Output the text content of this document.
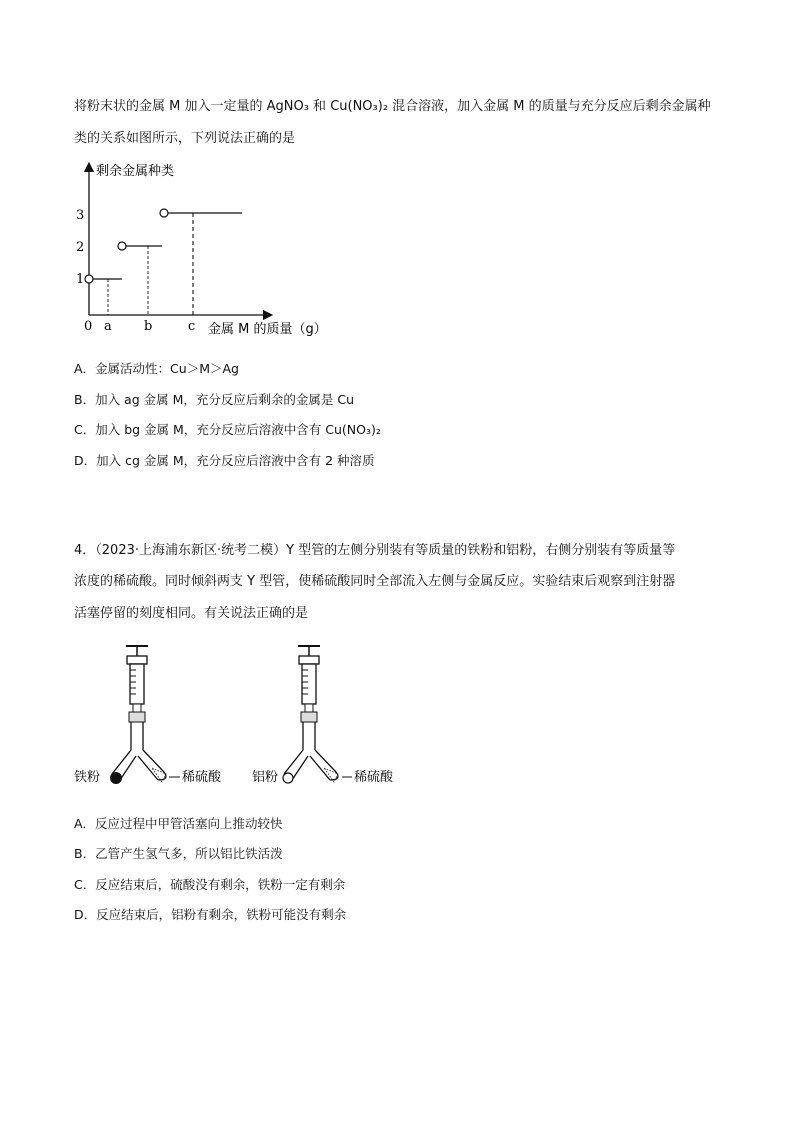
将粉末状的金属 M 加入一定量的 AgNO₃ 和 Cu(NO₃)₂ 混合溶液，加入金属 M 的质量与充分反应后剩余金属种
类的关系如图所示，下列说法正确的是
3
2
1
0 a b	c
剩余金属种类
金属 M 的质量（g）
A．金属活动性：Cu＞M＞Ag
B．加入 ag 金属 M，充分反应后剩余的金属是 Cu
C．加入 bg 金属 M，充分反应后溶液中含有 Cu(NO₃)₂
D．加入 cg 金属 M，充分反应后溶液中含有 2 种溶质
4．（2023·上海浦东新区·统考二模）Y 型管的左侧分别装有等质量的铁粉和铝粉，右侧分别装有等质量等
浓度的稀硫酸。同时倾斜两支 Y 型管，使稀硫酸同时全部流入左侧与金属反应。实验结束后观察到注射器
活塞停留的刻度相同。有关说法正确的是
铁粉	稀硫酸 铝粉	稀硫酸
A．反应过程中甲管活塞向上推动较快
B．乙管产生氢气多，所以铝比铁活泼
C．反应结束后，硫酸没有剩余，铁粉一定有剩余
D．反应结束后，铝粉有剩余，铁粉可能没有剩余
